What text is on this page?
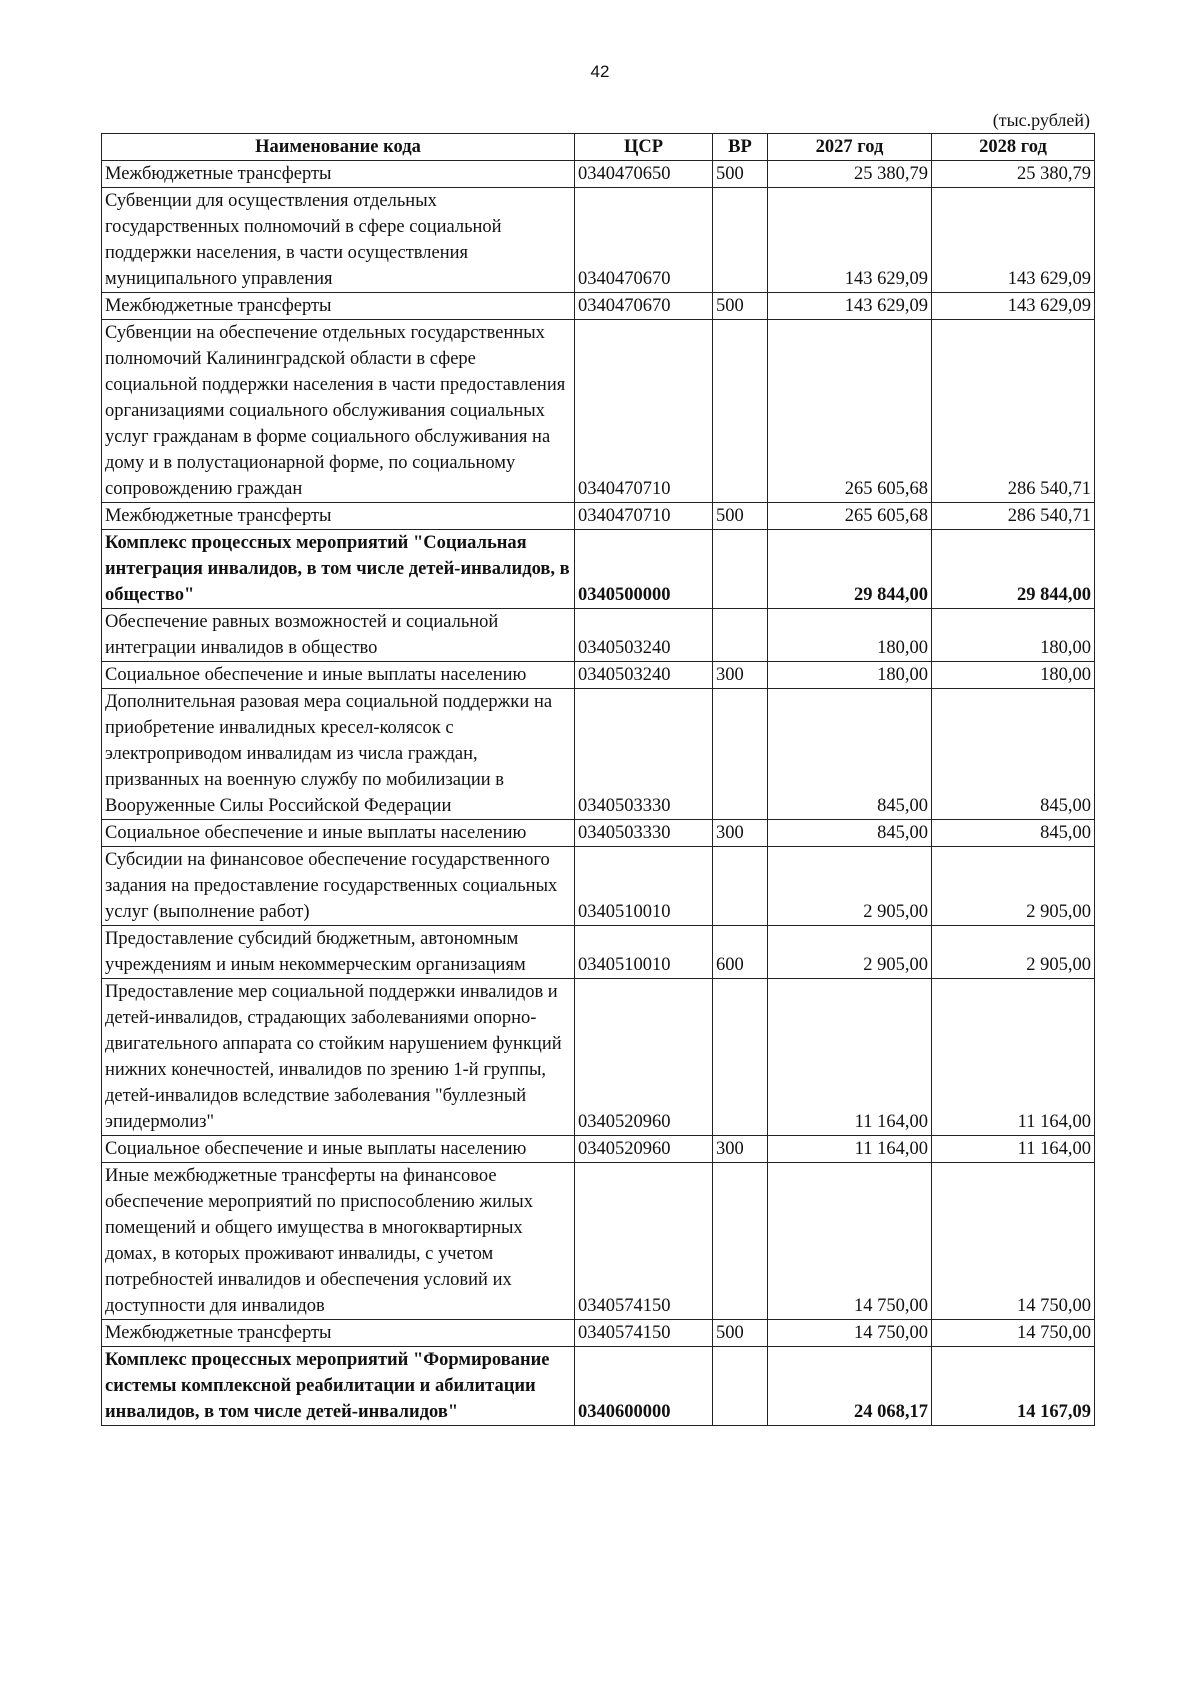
42
(тыс.рублей)
Наименование кода	ЦСР	ВР	2027 год	2028 год
Межбюджетные трансферты	0340470650	500	25 380,79	25 380,79
Субвенции для осуществления отдельных государственных полномочий в сфере социальной поддержки населения, в части осуществления муниципального управления	0340470670		143 629,09	143 629,09
Межбюджетные трансферты	0340470670	500	143 629,09	143 629,09
Субвенции на обеспечение отдельных государственных полномочий Калининградской области в сфере социальной поддержки населения в части предоставления организациями социального обслуживания социальных услуг гражданам в форме социального обслуживания на дому и в полустационарной форме, по социальному сопровождению граждан	0340470710		265 605,68	286 540,71
Межбюджетные трансферты	0340470710	500	265 605,68	286 540,71
Комплекс процессных мероприятий "Социальная интеграция инвалидов, в том числе детей-инвалидов, в общество"	0340500000		29 844,00	29 844,00
Обеспечение равных возможностей и социальной интеграции инвалидов в общество	0340503240		180,00	180,00
Социальное обеспечение и иные выплаты населению	0340503240	300	180,00	180,00
Дополнительная разовая мера социальной поддержки на приобретение инвалидных кресел-колясок с электроприводом инвалидам из числа граждан, призванных на военную службу по мобилизации в Вооруженные Силы Российской Федерации	0340503330		845,00	845,00
Социальное обеспечение и иные выплаты населению	0340503330	300	845,00	845,00
Субсидии на финансовое обеспечение государственного задания на предоставление государственных социальных услуг (выполнение работ)	0340510010		2 905,00	2 905,00
Предоставление субсидий бюджетным, автономным учреждениям и иным некоммерческим организациям	0340510010	600	2 905,00	2 905,00
Предоставление мер социальной поддержки инвалидов и детей-инвалидов, страдающих заболеваниями опорно-двигательного аппарата со стойким нарушением функций нижних конечностей, инвалидов по зрению 1-й группы, детей-инвалидов вследствие заболевания "буллезный эпидермолиз"	0340520960		11 164,00	11 164,00
Социальное обеспечение и иные выплаты населению	0340520960	300	11 164,00	11 164,00
Иные межбюджетные трансферты на финансовое обеспечение мероприятий по приспособлению жилых помещений и общего имущества в многоквартирных домах, в которых проживают инвалиды, с учетом потребностей инвалидов и обеспечения условий их доступности для инвалидов	0340574150		14 750,00	14 750,00
Межбюджетные трансферты	0340574150	500	14 750,00	14 750,00
Комплекс процессных мероприятий "Формирование системы комплексной реабилитации и абилитации инвалидов, в том числе детей-инвалидов"	0340600000		24 068,17	14 167,09
